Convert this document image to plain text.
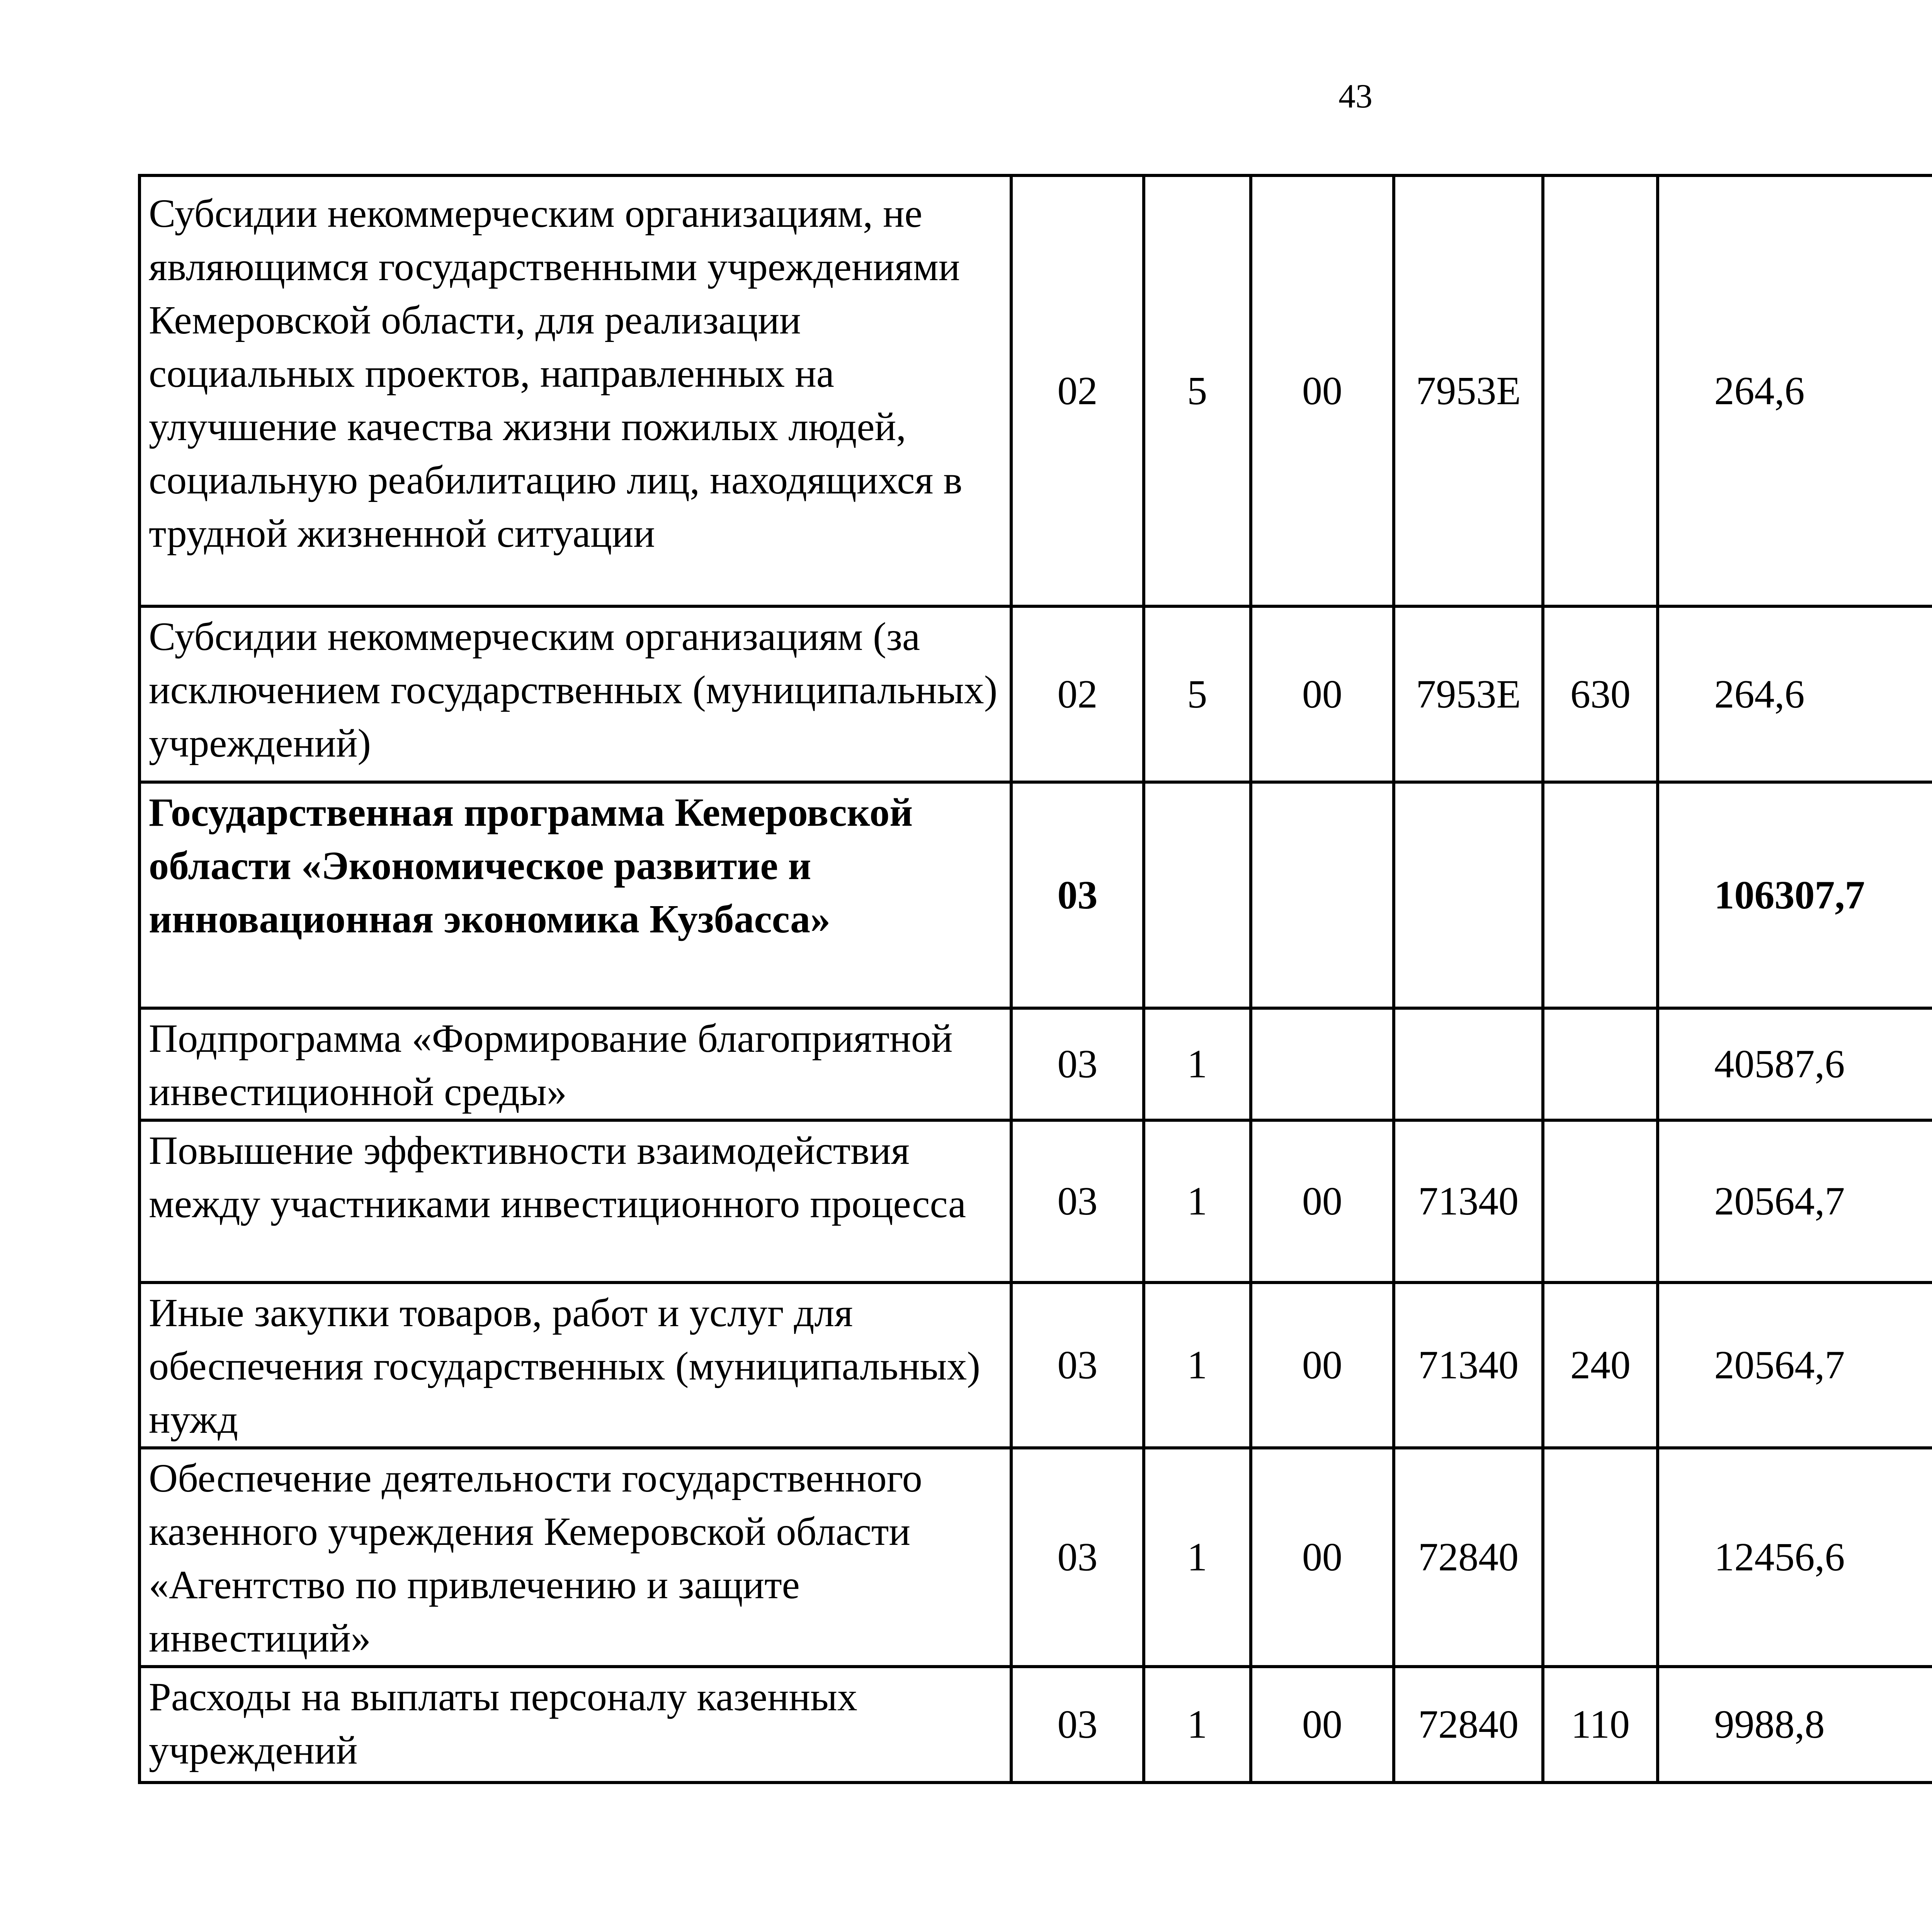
43
Субсидии некоммерческим организациям, не являющимся государственными учреждениями Кемеровской области, для реализации социальных проектов, направленных на улучшение качества жизни пожилых людей, социальную реабилитацию лиц, находящихся в трудной жизненной ситуации	02	5	00	7953E		264,6		
Субсидии некоммерческим организациям (за исключением государственных (муниципальных) учреждений)	02	5	00	7953E	630	264,6		
Государственная программа Кемеровской области «Экономическое развитие и инновационная экономика Кузбасса»	03					106307,7		
Подпрограмма «Формирование благоприятной инвестиционной среды»	03	1				40587,6		
Повышение эффективности взаимодействия между участниками инвестиционного процесса	03	1	00	71340		20564,7		
Иные закупки товаров, работ и услуг для обеспечения государственных (муниципальных) нужд	03	1	00	71340	240	20564,7		
Обеспечение деятельности государственного казенного учреждения Кемеровской области «Агентство по привлечению и защите инвестиций»	03	1	00	72840		12456,6		
Расходы на выплаты персоналу казенных учреждений	03	1	00	72840	110	9988,8		
